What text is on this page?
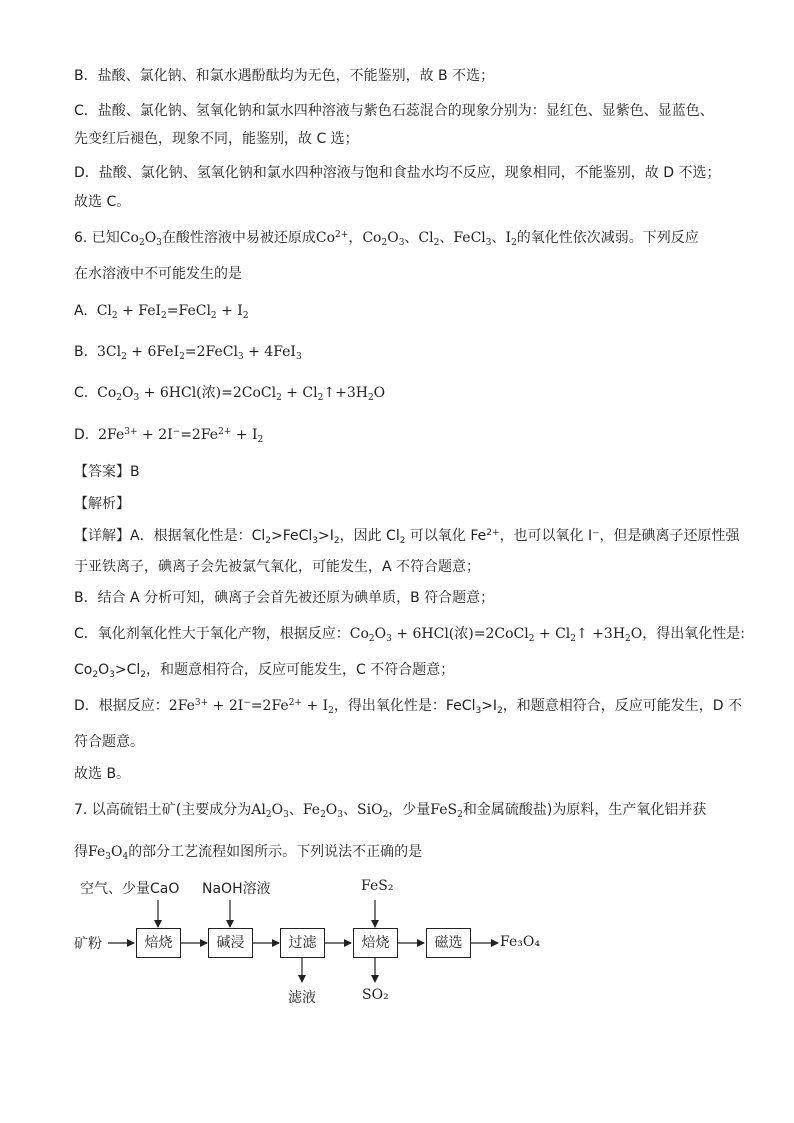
B．盐酸、氯化钠、和氯水遇酚酞均为无色，不能鉴别，故 B 不选；
C．盐酸、氯化钠、氢氧化钠和氯水四种溶液与紫色石蕊混合的现象分别为：显红色、显紫色、显蓝色、
先变红后褪色，现象不同，能鉴别，故 C 选；
D．盐酸、氯化钠、氢氧化钠和氯水四种溶液与饱和食盐水均不反应，现象相同，不能鉴别，故 D 不选；
故选 C。
6. 已知$Co_2O_3$在酸性溶液中易被还原成$Co^{2+}$，$Co_2O_3$、$Cl_2$、FeCl$_3$、$I_2$的氧化性依次减弱。下列反应
在水溶液中不可能发生的是
A.  $Cl_2$ + FeI$_2$=FeCl$_2$ + $I_2$
B.  $3Cl_2$ + 6FeI$_2$=2FeCl$_3$ + 4FeI$_3$
C.  $Co_2O_3 + 6HCl$(浓)=2CoCl$_2$ + $Cl_2↑+3H_2O$
D.  $2Fe^{3+} + 2I^-=2Fe^{2+} + I_2$
【答案】B
【解析】
【详解】A．根据氧化性是：$Cl_2>FeCl_3>I_2$，因此 $Cl_2$ 可以氧化 $Fe^{2+}$，也可以氧化 I⁻，但是碘离子还原性强
于亚铁离子，碘离子会先被氯气氧化，可能发生，A 不符合题意；
B．结合 A 分析可知，碘离子会首先被还原为碘单质，B 符合题意；
C．氧化剂氧化性大于氧化产物，根据反应：$Co_2O_3 + 6HCl$(浓)=2CoCl$_2$ + $Cl_2↑ +3H_2O$，得出氧化性是:
$Co_2O_3>Cl_2$，和题意相符合，反应可能发生，C 不符合题意；
D．根据反应：$2Fe^{3+} + 2I^-=2Fe^{2+} + I_2$，得出氧化性是：$FeCl_3>I_2$，和题意相符合，反应可能发生，D 不
符合题意。
故选 B。
7. 以高硫铝土矿(主要成分为$Al_2O_3$、$Fe_2O_3$、SiO$_2$，少量FeS$_2$和金属硫酸盐)为原料，生产氧化铝并获
得$Fe_3O_4$的部分工艺流程如图所示。下列说法不正确的是
空气、少量CaO NaOH溶液	FeS₂
矿粉	焙烧	碱浸	过滤	焙烧	磁选	Fe₃O₄
滤液	SO₂
